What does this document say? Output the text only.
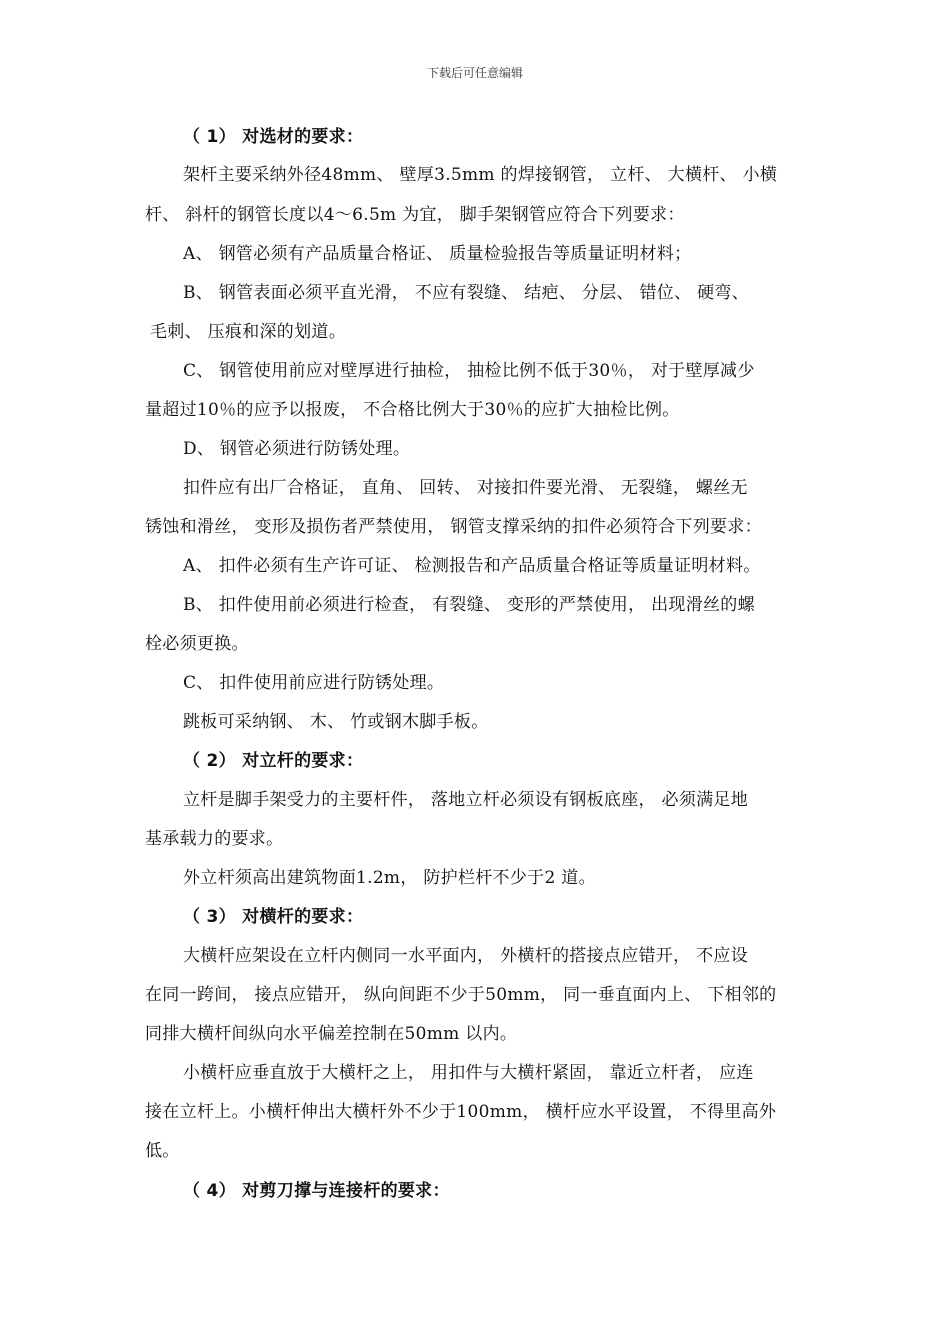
下载后可任意编辑
（ 1） 对选材的要求：
架杆主要采纳外径48mm、 壁厚3.5mm 的焊接钢管， 立杆、 大横杆、 小横
杆、 斜杆的钢管长度以4～6.5m 为宜， 脚手架钢管应符合下列要求：
A、 钢管必须有产品质量合格证、 质量检验报告等质量证明材料；
B、 钢管表面必须平直光滑， 不应有裂缝、 结疤、 分层、 错位、 硬弯、
毛刺、 压痕和深的划道。
C、 钢管使用前应对壁厚进行抽检， 抽检比例不低于30％， 对于壁厚减少
量超过10％的应予以报废， 不合格比例大于30％的应扩大抽检比例。
D、 钢管必须进行防锈处理。
扣件应有出厂合格证， 直角、 回转、 对接扣件要光滑、 无裂缝， 螺丝无
锈蚀和滑丝， 变形及损伤者严禁使用， 钢管支撑采纳的扣件必须符合下列要求：
A、 扣件必须有生产许可证、 检测报告和产品质量合格证等质量证明材料。
B、 扣件使用前必须进行检查， 有裂缝、 变形的严禁使用， 出现滑丝的螺
栓必须更换。
C、 扣件使用前应进行防锈处理。
跳板可采纳钢、 木、 竹或钢木脚手板。
（ 2） 对立杆的要求：
立杆是脚手架受力的主要杆件， 落地立杆必须设有钢板底座， 必须满足地
基承载力的要求。
外立杆须高出建筑物面1.2m， 防护栏杆不少于2 道。
（ 3） 对横杆的要求：
大横杆应架设在立杆内侧同一水平面内， 外横杆的搭接点应错开， 不应设
在同一跨间， 接点应错开， 纵向间距不少于50mm， 同一垂直面内上、 下相邻的
同排大横杆间纵向水平偏差控制在50mm 以内。
小横杆应垂直放于大横杆之上， 用扣件与大横杆紧固， 靠近立杆者， 应连
接在立杆上。小横杆伸出大横杆外不少于100mm， 横杆应水平设置， 不得里高外
低。
（ 4） 对剪刀撑与连接杆的要求：
